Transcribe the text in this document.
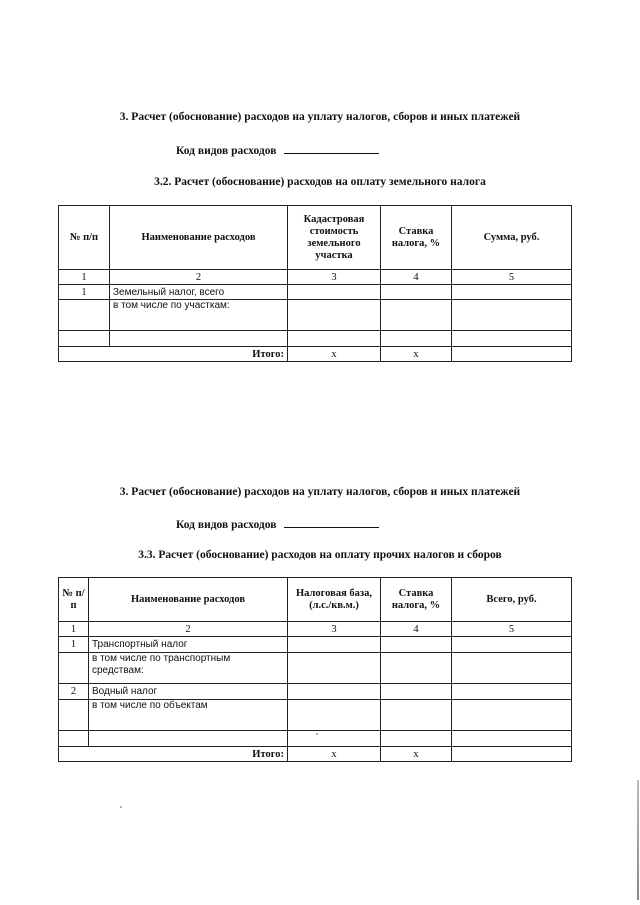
3. Расчет (обоснование) расходов на уплату налогов, сборов и иных платежей
Код видов расходов
3.2. Расчет (обоснование) расходов на оплату земельного налога
№ п/п	Наименование расходов	Кадастровая стоимость земельного участка	Ставка налога, %	Сумма, руб.
1	2	3	4	5
1	Земельный налог, всего			
	в том числе по участкам:			

Итого:		x	x	
3. Расчет (обоснование) расходов на уплату налогов, сборов и иных платежей
Код видов расходов
3.3. Расчет (обоснование) расходов на оплату прочих налогов и сборов
№ п/п	Наименование расходов	Налоговая база, (л.с./кв.м.)	Ставка налога, %	Всего, руб.
1	2	3	4	5
1	Транспортный налог			
	в том числе по транспортным средствам:			
2	Водный налог			
	в том числе по объектам			

Итого:		x	x	
